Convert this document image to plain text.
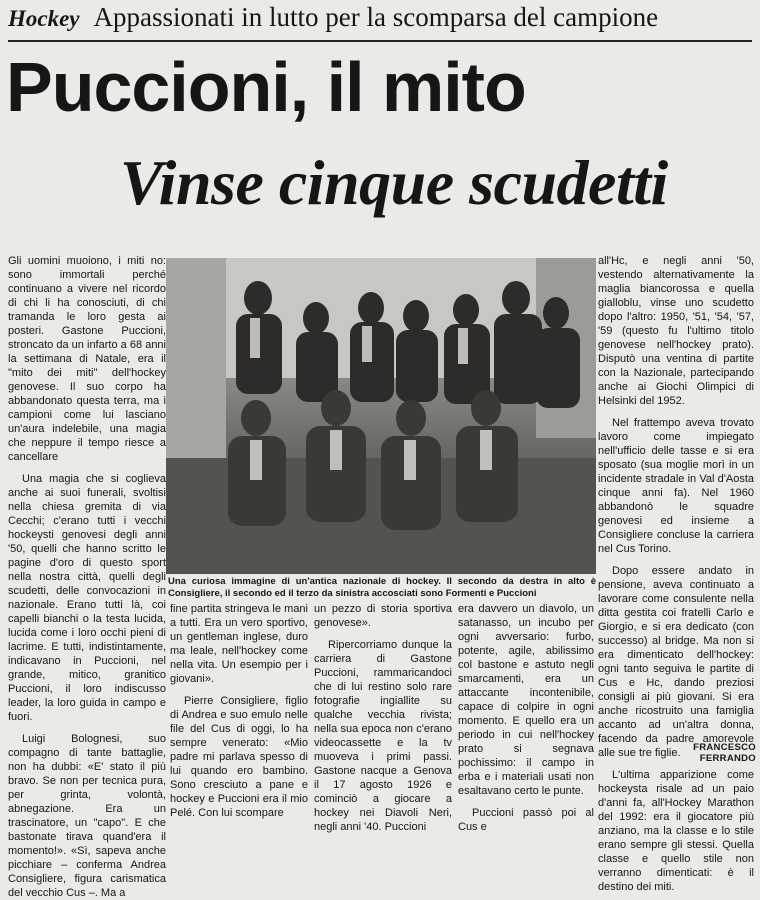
Hockey Appassionati in lutto per la scomparsa del campione
Puccioni, il mito
Vinse cinque scudetti

Gli uomini muoiono, i miti no: sono immortali perché continuano a vivere nel ricordo di chi li ha conosciuti, di chi tramanda le loro gesta ai posteri. Gastone Puccioni, stroncato da un infarto a 68 anni la settimana di Natale, era il "mito dei miti" dell'hockey genovese. Il suo corpo ha abbandonato questa terra, ma i campioni come lui lasciano un'aura indelebile, una magia che neppure il tempo riesce a cancellare

Una magia che si coglieva anche ai suoi funerali, svoltisi nella chiesa gremita di via Cecchi; c'erano tutti i vecchi hockeysti genovesi degli anni '50, quelli che hanno scritto le pagine d'oro di questo sport nella nostra città, quelli degli scudetti, delle convocazioni in nazionale. Erano tutti là, coi capelli bianchi o la testa lucida, lucida come i loro occhi pieni di lacrime. E tutti, indistintamente, indicavano in Puccioni, nel grande, mitico, granitico Puccioni, il loro indiscusso leader, la loro guida in campo e fuori.

Luigi Bolognesi, suo compagno di tante battaglie, non ha dubbi: «E' stato il più bravo. Se non per tecnica pura, per grinta, volontà, abnegazione. Era un trascinatore, un "capo". E che bastonate tirava quand'era il momento!». «Sì, sapeva anche picchiare – conferma Andrea Consigliere, figura carismatica del vecchio Cus –. Ma a

Una curiosa immagine di un'antica nazionale di hockey. Il secondo da destra in alto è Consigliere, il secondo ed il terzo da sinistra accosciati sono Formenti e Puccioni

fine partita stringeva le mani a tutti. Era un vero sportivo, un gentleman inglese, duro ma leale, nell'hockey come nella vita. Un esempio per i giovani».

Pierre Consigliere, figlio di Andrea e suo emulo nelle file del Cus di oggi, lo ha sempre venerato: «Mio padre mi parlava spesso di lui quando ero bambino. Sono cresciuto a pane e hockey e Puccioni era il mio Pelé. Con lui scompare

un pezzo di storia sportiva genovese».

Ripercorriamo dunque la carriera di Gastone Puccioni, rammaricandoci che di lui restino solo rare fotografie ingiallite su qualche vecchia rivista; nella sua epoca non c'erano videocassette e la tv muoveva i primi passi. Gastone nacque a Genova il 17 agosto 1926 e cominciò a giocare a hockey nei Diavoli Neri, negli anni '40. Puccioni

era davvero un diavolo, un satanasso, un incubo per ogni avversario: furbo, potente, agile, abilissimo col bastone e astuto negli smarcamenti, era un attaccante incontenibile, capace di colpire in ogni momento. E quello era un periodo in cui nell'hockey prato si segnava pochissimo: il campo in erba e i materiali usati non esaltavano certo le punte.

Puccioni passò poi al Cus e

all'Hc, e negli anni '50, vestendo alternativamente la maglia biancorossa e quella gialloblu, vinse uno scudetto dopo l'altro: 1950, '51, '54, '57, '59 (questo fu l'ultimo titolo genovese nell'hockey prato). Disputò una ventina di partite con la Nazionale, partecipando anche ai Giochi Olimpici di Helsinki del 1952.

Nel frattempo aveva trovato lavoro come impiegato nell'ufficio delle tasse e si era sposato (sua moglie morì in un incidente stradale in Val d'Aosta cinque anni fa). Nel 1960 abbandonò le squadre genovesi ed insieme a Consigliere concluse la carriera nel Cus Torino.

Dopo essere andato in pensione, aveva continuato a lavorare come consulente nella ditta gestita coi fratelli Carlo e Giorgio, e si era dedicato (con successo) al bridge. Ma non si era dimenticato dell'hockey: ogni tanto seguiva le partite di Cus e Hc, dando preziosi consigli ai più giovani. Si era anche ricostruito una famiglia accanto ad un'altra donna, facendo da padre amorevole alle sue tre figlie.

L'ultima apparizione come hockeysta risale ad un paio d'anni fa, all'Hockey Marathon del 1992: era il giocatore più anziano, ma la classe e lo stile erano sempre gli stessi. Quella classe e quello stile non verranno dimenticati: è il destino dei miti.

FRANCESCO FERRANDO
